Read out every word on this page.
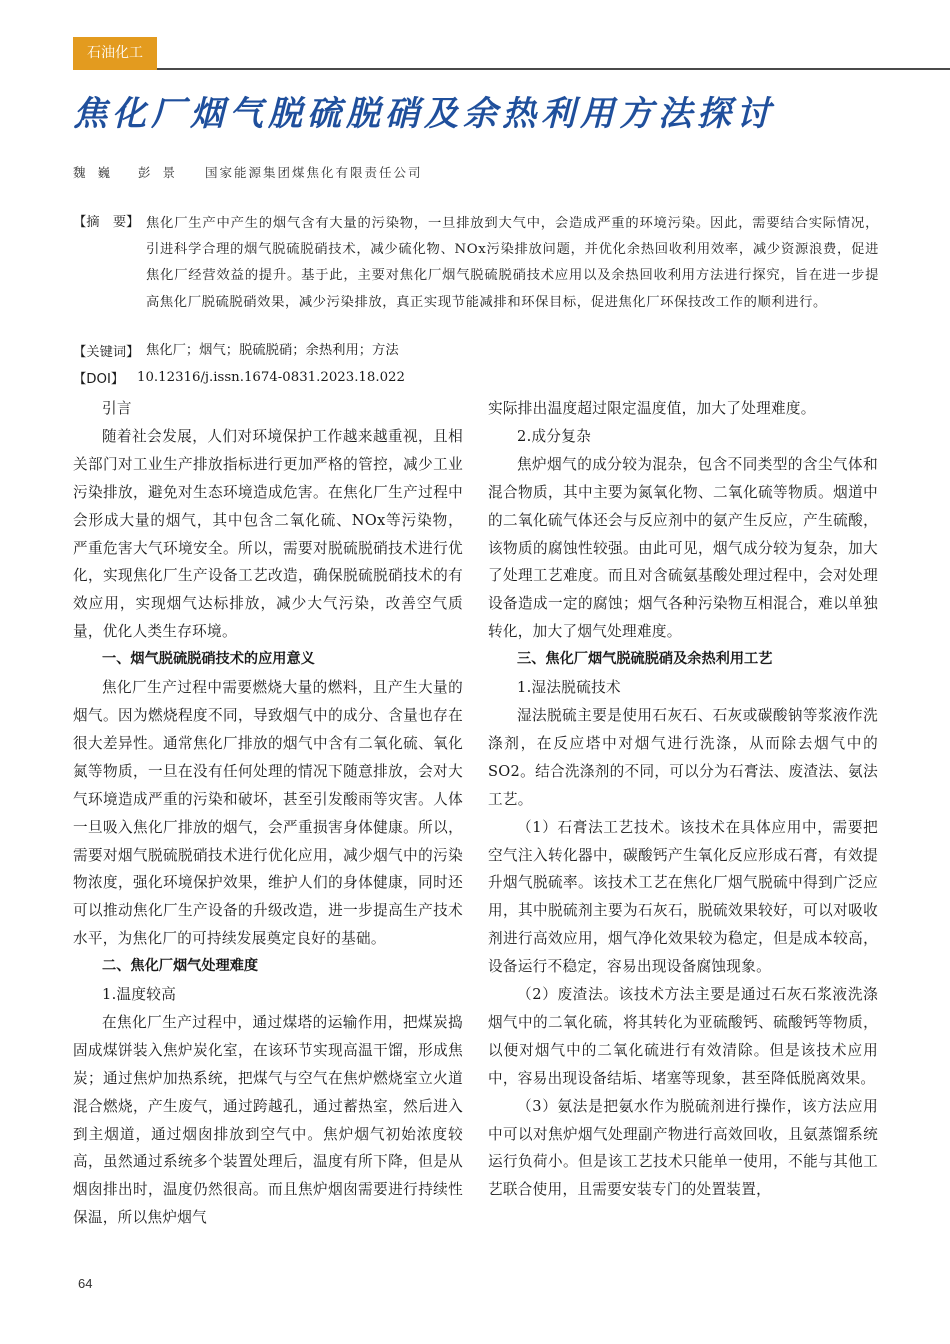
石油化工
焦化厂烟气脱硫脱硝及余热利用方法探讨
魏巍 彭景 国家能源集团煤焦化有限责任公司
【摘　要】 焦化厂生产中产生的烟气含有大量的污染物，一旦排放到大气中，会造成严重的环境污染。因此，需要结合实际情况，引进科学合理的烟气脱硫脱硝技术，减少硫化物、NOx污染排放问题，并优化余热回收利用效率，减少资源浪费，促进焦化厂经营效益的提升。基于此，主要对焦化厂烟气脱硫脱硝技术应用以及余热回收利用方法进行探究，旨在进一步提高焦化厂脱硫脱硝效果，减少污染排放，真正实现节能减排和环保目标，促进焦化厂环保技改工作的顺利进行。
【关键词】 焦化厂；烟气；脱硫脱硝；余热利用；方法
【DOI】 10.12316/j.issn.1674-0831.2023.18.022

引言

随着社会发展，人们对环境保护工作越来越重视，且相关部门对工业生产排放指标进行更加严格的管控，减少工业污染排放，避免对生态环境造成危害。在焦化厂生产过程中会形成大量的烟气，其中包含二氧化硫、NOx等污染物，严重危害大气环境安全。所以，需要对脱硫脱硝技术进行优化，实现焦化厂生产设备工艺改造，确保脱硫脱硝技术的有效应用，实现烟气达标排放，减少大气污染，改善空气质量，优化人类生存环境。

一、烟气脱硫脱硝技术的应用意义

焦化厂生产过程中需要燃烧大量的燃料，且产生大量的烟气。因为燃烧程度不同，导致烟气中的成分、含量也存在很大差异性。通常焦化厂排放的烟气中含有二氧化硫、氧化氮等物质，一旦在没有任何处理的情况下随意排放，会对大气环境造成严重的污染和破坏，甚至引发酸雨等灾害。人体一旦吸入焦化厂排放的烟气，会严重损害身体健康。所以，需要对烟气脱硫脱硝技术进行优化应用，减少烟气中的污染物浓度，强化环境保护效果，维护人们的身体健康，同时还可以推动焦化厂生产设备的升级改造，进一步提高生产技术水平，为焦化厂的可持续发展奠定良好的基础。

二、焦化厂烟气处理难度

1.温度较高

在焦化厂生产过程中，通过煤塔的运输作用，把煤炭捣固成煤饼装入焦炉炭化室，在该环节实现高温干馏，形成焦炭；通过焦炉加热系统，把煤气与空气在焦炉燃烧室立火道混合燃烧，产生废气，通过跨越孔，通过蓄热室，然后进入到主烟道，通过烟囱排放到空气中。焦炉烟气初始浓度较高，虽然通过系统多个装置处理后，温度有所下降，但是从烟囱排出时，温度仍然很高。而且焦炉烟囱需要进行持续性保温，所以焦炉烟气

实际排出温度超过限定温度值，加大了处理难度。

2.成分复杂

焦炉烟气的成分较为混杂，包含不同类型的含尘气体和混合物质，其中主要为氮氧化物、二氧化硫等物质。烟道中的二氧化硫气体还会与反应剂中的氨产生反应，产生硫酸，该物质的腐蚀性较强。由此可见，烟气成分较为复杂，加大了处理工艺难度。而且对含硫氨基酸处理过程中，会对处理设备造成一定的腐蚀；烟气各种污染物互相混合，难以单独转化，加大了烟气处理难度。

三、焦化厂烟气脱硫脱硝及余热利用工艺

1.湿法脱硫技术

湿法脱硫主要是使用石灰石、石灰或碳酸钠等浆液作洗涤剂，在反应塔中对烟气进行洗涤，从而除去烟气中的SO2。结合洗涤剂的不同，可以分为石膏法、废渣法、氨法工艺。

（1）石膏法工艺技术。该技术在具体应用中，需要把空气注入转化器中，碳酸钙产生氧化反应形成石膏，有效提升烟气脱硫率。该技术工艺在焦化厂烟气脱硫中得到广泛应用，其中脱硫剂主要为石灰石，脱硫效果较好，可以对吸收剂进行高效应用，烟气净化效果较为稳定，但是成本较高，设备运行不稳定，容易出现设备腐蚀现象。

（2）废渣法。该技术方法主要是通过石灰石浆液洗涤烟气中的二氧化硫，将其转化为亚硫酸钙、硫酸钙等物质，以便对烟气中的二氧化硫进行有效清除。但是该技术应用中，容易出现设备结垢、堵塞等现象，甚至降低脱离效果。

（3）氨法是把氨水作为脱硫剂进行操作，该方法应用中可以对焦炉烟气处理副产物进行高效回收，且氨蒸馏系统运行负荷小。但是该工艺技术只能单一使用，不能与其他工艺联合使用，且需要安装专门的处置装置，

64
